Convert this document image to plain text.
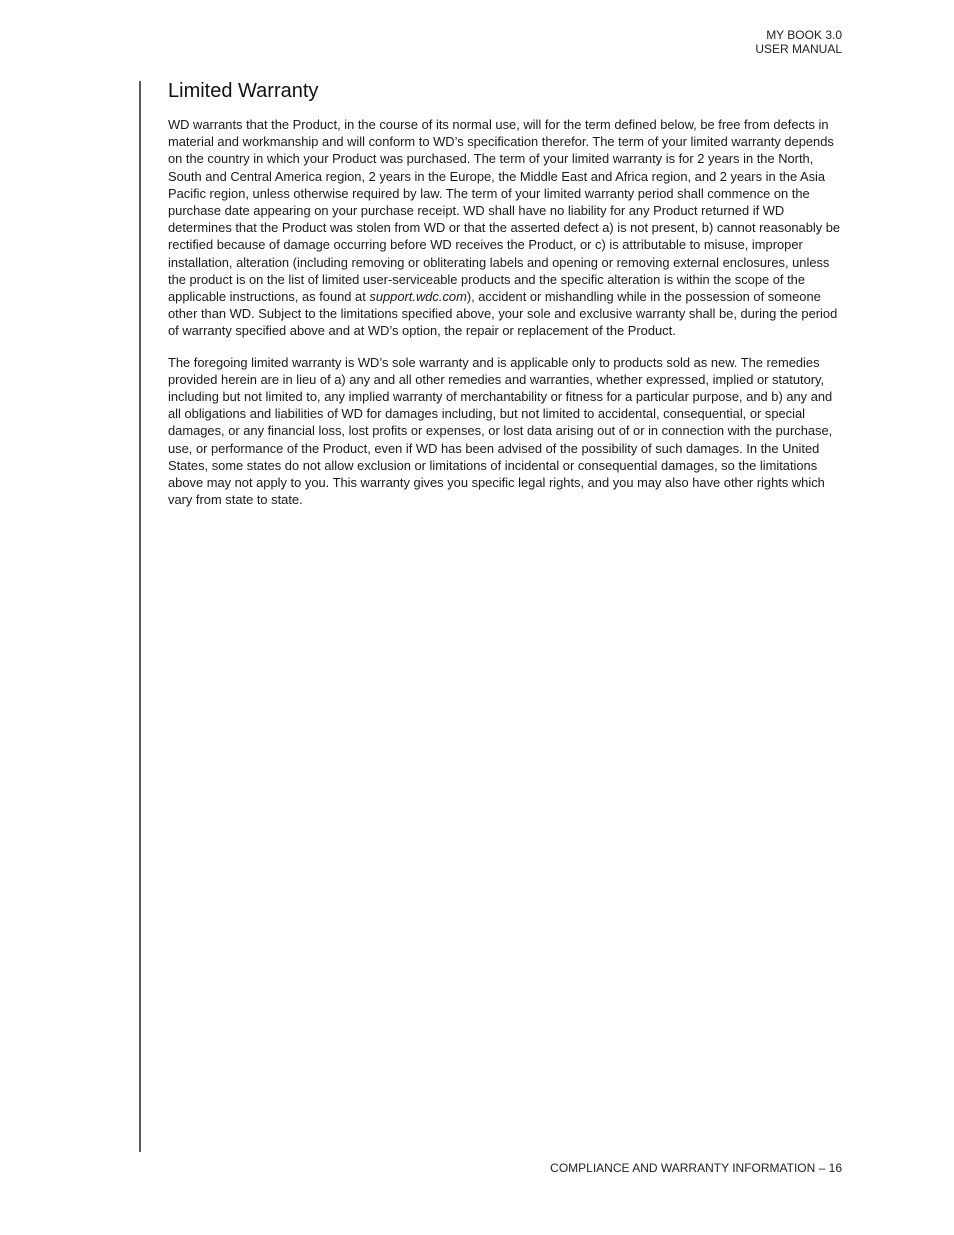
MY BOOK 3.0
USER MANUAL
Limited Warranty

WD warrants that the Product, in the course of its normal use, will for the term defined below, be free from defects in material and workmanship and will conform to WD’s specification therefor. The term of your limited warranty depends on the country in which your Product was purchased. The term of your limited warranty is for 2 years in the North, South and Central America region, 2 years in the Europe, the Middle East and Africa region, and 2 years in the Asia Pacific region, unless otherwise required by law. The term of your limited warranty period shall commence on the purchase date appearing on your purchase receipt. WD shall have no liability for any Product returned if WD determines that the Product was stolen from WD or that the asserted defect a) is not present, b) cannot reasonably be rectified because of damage occurring before WD receives the Product, or c) is attributable to misuse, improper installation, alteration (including removing or obliterating labels and opening or removing external enclosures, unless the product is on the list of limited user-serviceable products and the specific alteration is within the scope of the applicable instructions, as found at support.wdc.com), accident or mishandling while in the possession of someone other than WD. Subject to the limitations specified above, your sole and exclusive warranty shall be, during the period of warranty specified above and at WD’s option, the repair or replacement of the Product.

The foregoing limited warranty is WD’s sole warranty and is applicable only to products sold as new. The remedies provided herein are in lieu of a) any and all other remedies and warranties, whether expressed, implied or statutory, including but not limited to, any implied warranty of merchantability or fitness for a particular purpose, and b) any and all obligations and liabilities of WD for damages including, but not limited to accidental, consequential, or special damages, or any financial loss, lost profits or expenses, or lost data arising out of or in connection with the purchase, use, or performance of the Product, even if WD has been advised of the possibility of such damages. In the United States, some states do not allow exclusion or limitations of incidental or consequential damages, so the limitations above may not apply to you. This warranty gives you specific legal rights, and you may also have other rights which vary from state to state.

COMPLIANCE AND WARRANTY INFORMATION – 16
